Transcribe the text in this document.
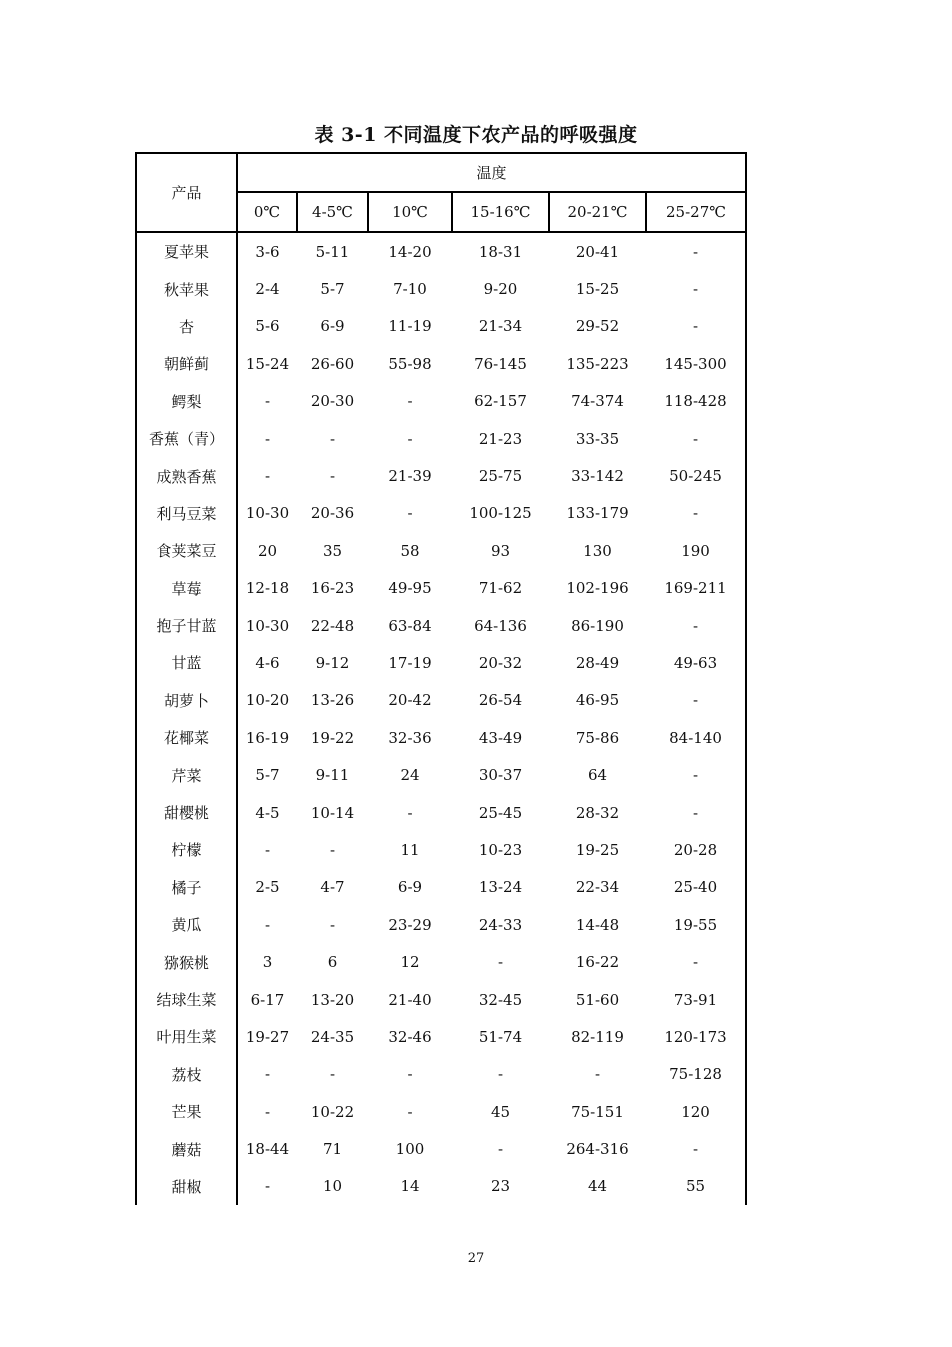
表 3-1 不同温度下农产品的呼吸强度
产品	温度					
	0℃	4-5℃	10℃	15-16℃	20-21℃	25-27℃
夏苹果	3-6	5-11	14-20	18-31	20-41	-
秋苹果	2-4	5-7	7-10	9-20	15-25	-
杏	5-6	6-9	11-19	21-34	29-52	-
朝鲜蓟	15-24	26-60	55-98	76-145	135-223	145-300
鳄梨	-	20-30	-	62-157	74-374	118-428
香蕉（青）	-	-	-	21-23	33-35	-
成熟香蕉	-	-	21-39	25-75	33-142	50-245
利马豆菜	10-30	20-36	-	100-125	133-179	-
食荚菜豆	20	35	58	93	130	190
草莓	12-18	16-23	49-95	71-62	102-196	169-211
抱子甘蓝	10-30	22-48	63-84	64-136	86-190	-
甘蓝	4-6	9-12	17-19	20-32	28-49	49-63
胡萝卜	10-20	13-26	20-42	26-54	46-95	-
花椰菜	16-19	19-22	32-36	43-49	75-86	84-140
芹菜	5-7	9-11	24	30-37	64	-
甜樱桃	4-5	10-14	-	25-45	28-32	-
柠檬	-	-	11	10-23	19-25	20-28
橘子	2-5	4-7	6-9	13-24	22-34	25-40
黄瓜	-	-	23-29	24-33	14-48	19-55
猕猴桃	3	6	12	-	16-22	-
结球生菜	6-17	13-20	21-40	32-45	51-60	73-91
叶用生菜	19-27	24-35	32-46	51-74	82-119	120-173
荔枝	-	-	-	-	-	75-128
芒果	-	10-22	-	45	75-151	120
蘑菇	18-44	71	100	-	264-316	-
甜椒	-	10	14	23	44	55
27
